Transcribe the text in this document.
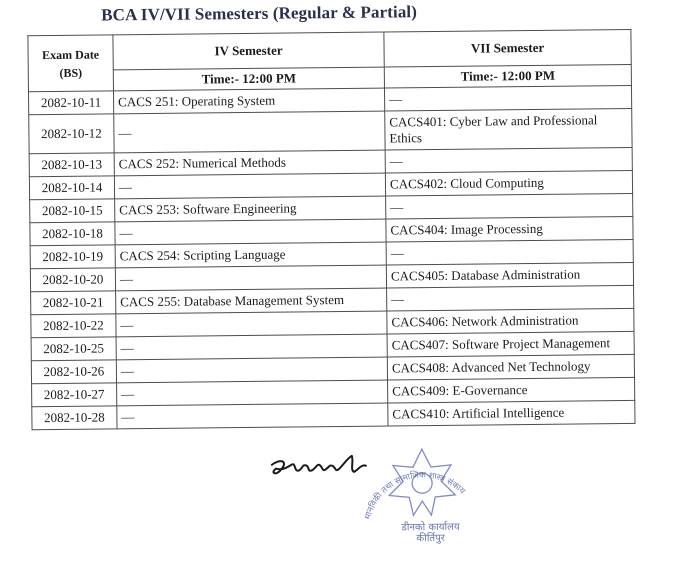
BCA IV/VII Semesters (Regular & Partial)
Exam Date
(BS)	IV Semester	VII Semester
	Time:- 12:00 PM	Time:- 12:00 PM
2082-10-11	CACS 251: Operating System	—
2082-10-12	—	CACS401: Cyber Law and Professional Ethics
2082-10-13	CACS 252: Numerical Methods	—
2082-10-14	—	CACS402: Cloud Computing
2082-10-15	CACS 253: Software Engineering	—
2082-10-18	—	CACS404: Image Processing
2082-10-19	CACS 254: Scripting Language	—
2082-10-20	—	CACS405: Database Administration
2082-10-21	CACS 255: Database Management System	—
2082-10-22	—	CACS406: Network Administration
2082-10-25	—	CACS407: Software Project Management
2082-10-26	—	CACS408: Advanced Net Technology
2082-10-27	—	CACS409: E-Governance
2082-10-28	—	CACS410: Artificial Intelligence
मानविकी तथा सामाजिक शास्त्र संकाय
डीनको कार्यालय
कीर्तिपुर
